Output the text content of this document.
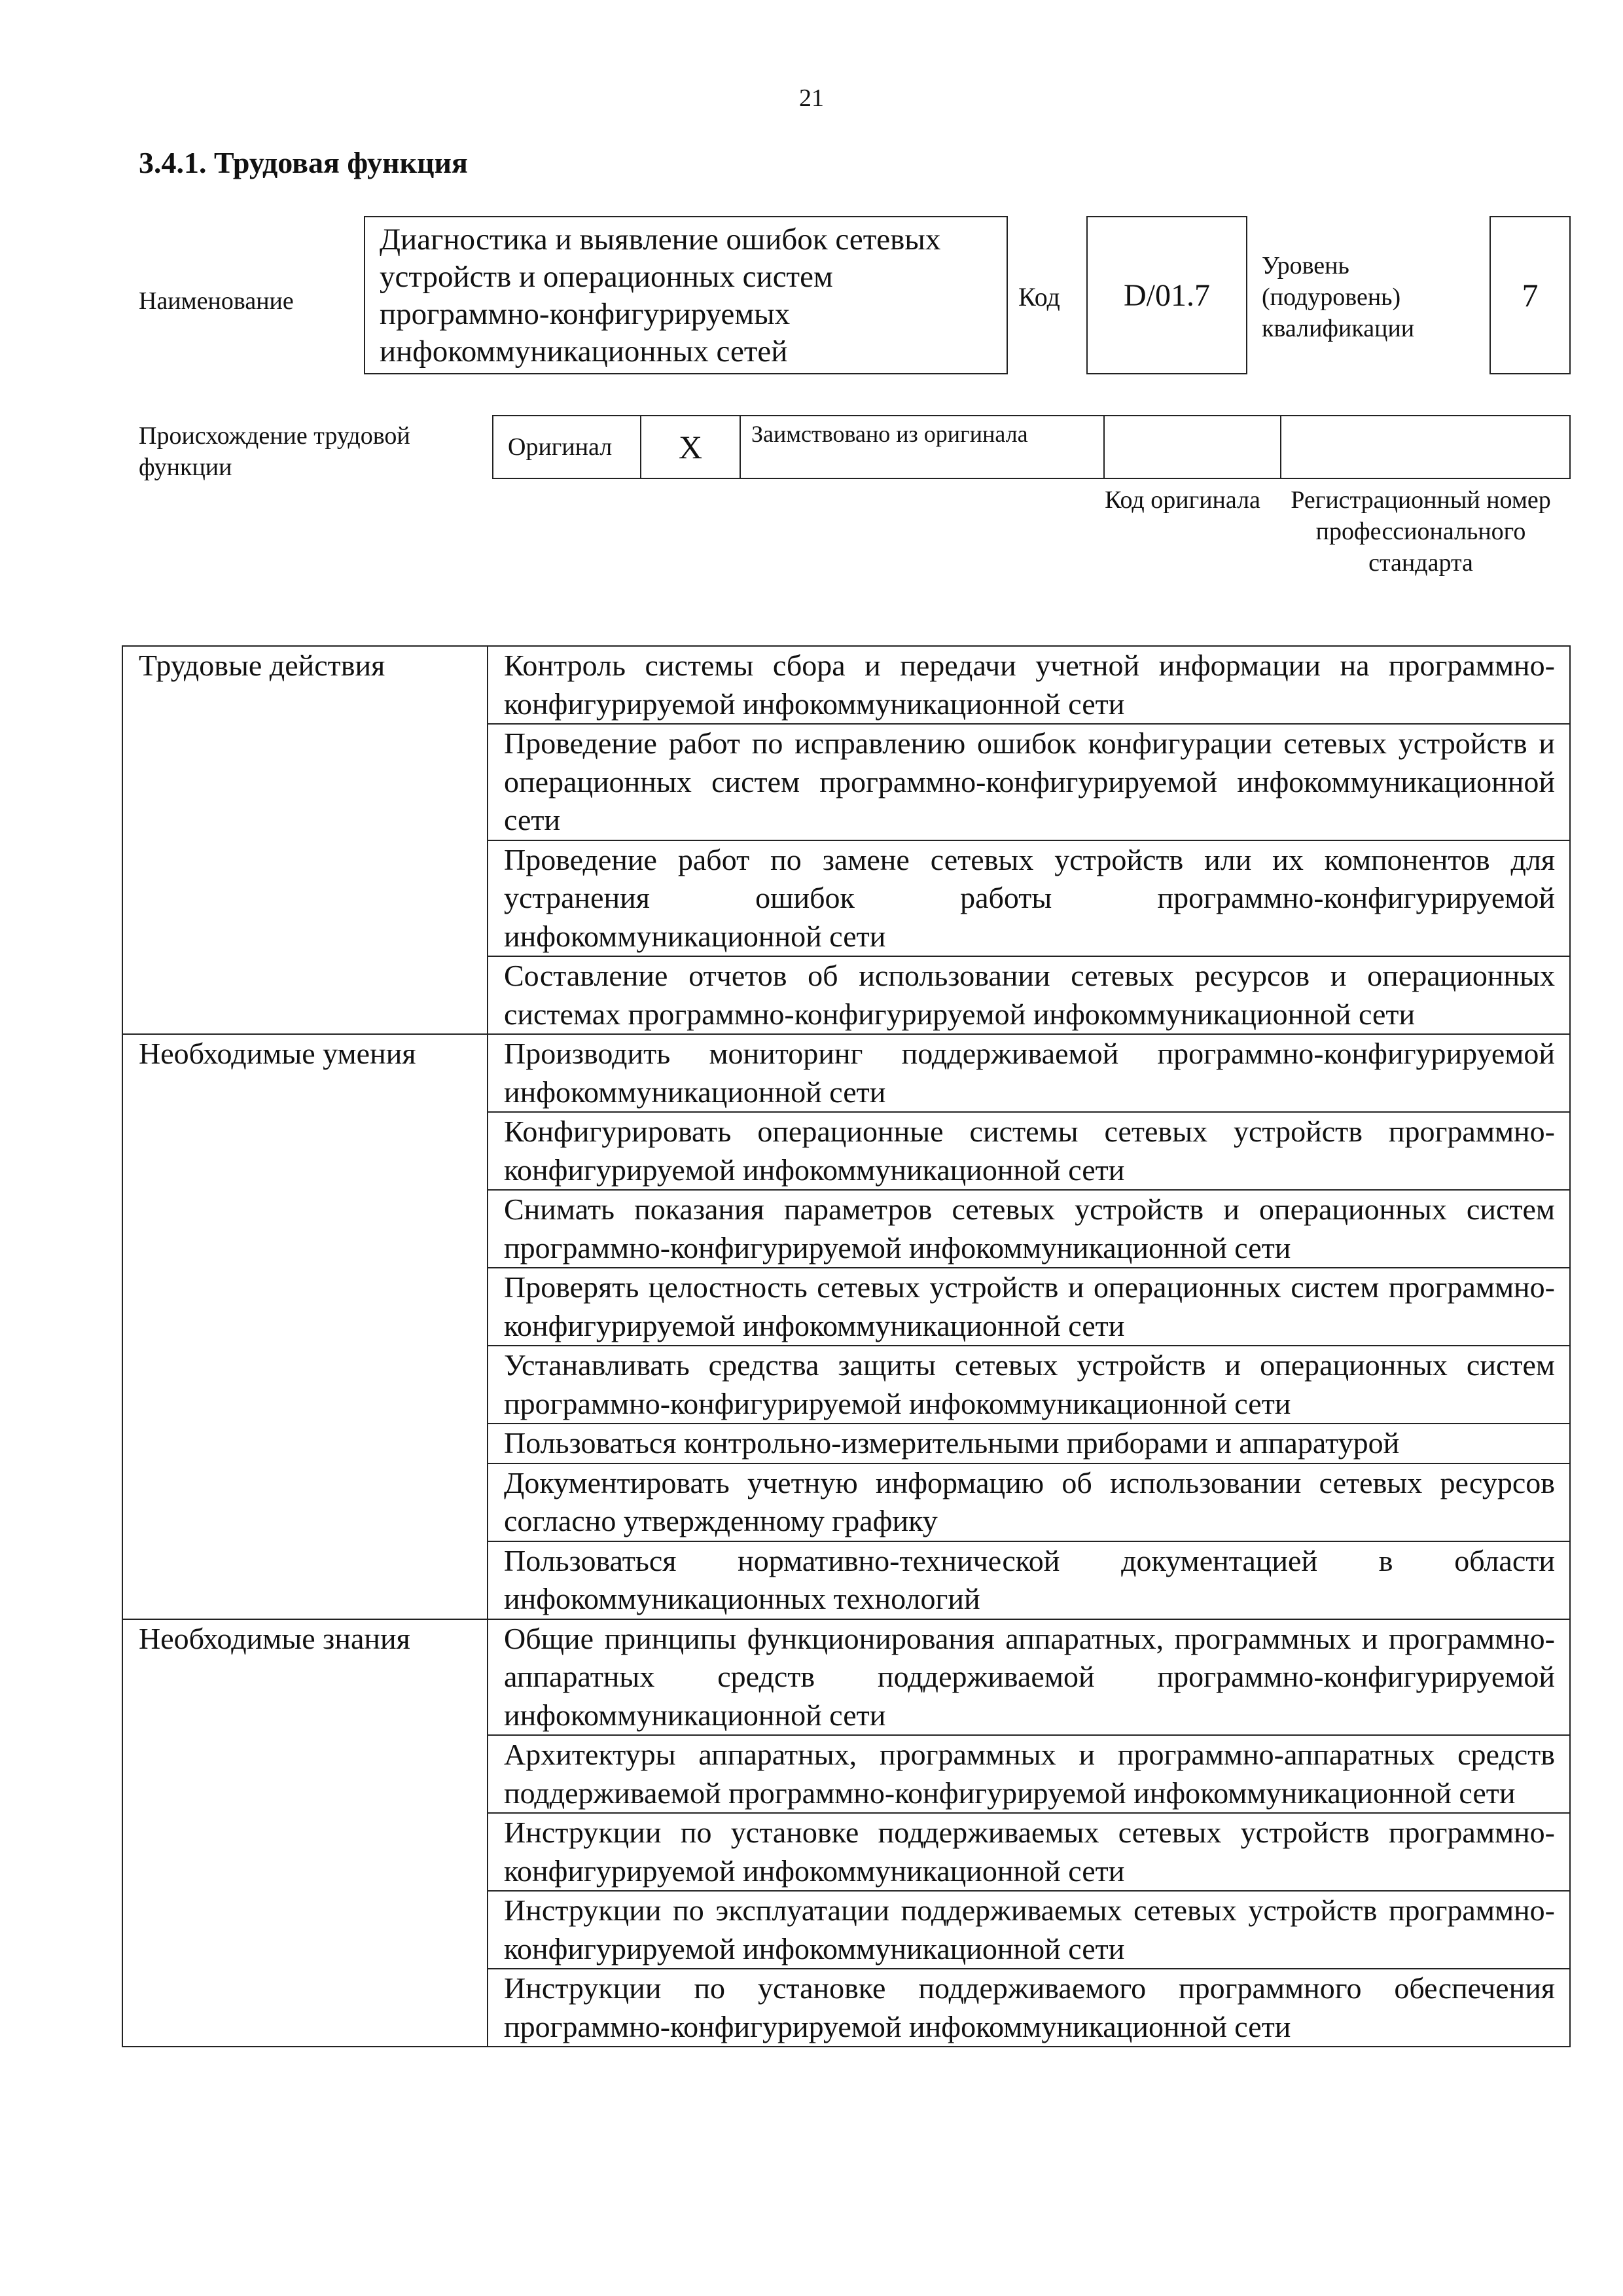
21
3.4.1. Трудовая функция
Наименование
Диагностика и выявление ошибок сетевых устройств и операционных систем программно-конфигурируемых инфокоммуникационных сетей
Код D/01.7
Уровень (подуровень) квалификации
7
Происхождение трудовой функции
Оригинал X	Заимствовано из оригинала
Код оригинала	Регистрационный номер профессионального стандарта
Трудовые действия	Контроль системы сбора и передачи учетной информации на программно-конфигурируемой инфокоммуникационной сети
	Проведение работ по исправлению ошибок конфигурации сетевых устройств и операционных систем программно-конфигурируемой инфокоммуникационной сети
	Проведение работ по замене сетевых устройств или их компонентов для устранения ошибок работы программно-конфигурируемой инфокоммуникационной сети
	Составление отчетов об использовании сетевых ресурсов и операционных системах программно-конфигурируемой инфокоммуникационной сети
Необходимые умения	Производить мониторинг поддерживаемой программно-конфигурируемой инфокоммуникационной сети
	Конфигурировать операционные системы сетевых устройств программно-конфигурируемой инфокоммуникационной сети
	Снимать показания параметров сетевых устройств и операционных систем программно-конфигурируемой инфокоммуникационной сети
	Проверять целостность сетевых устройств и операционных систем программно-конфигурируемой инфокоммуникационной сети
	Устанавливать средства защиты сетевых устройств и операционных систем программно-конфигурируемой инфокоммуникационной сети
	Пользоваться контрольно-измерительными приборами и аппаратурой
	Документировать учетную информацию об использовании сетевых ресурсов согласно утвержденному графику
	Пользоваться нормативно-технической документацией в области инфокоммуникационных технологий
Необходимые знания	Общие принципы функционирования аппаратных, программных и программно-аппаратных средств поддерживаемой программно-конфигурируемой инфокоммуникационной сети
	Архитектуры аппаратных, программных и программно-аппаратных средств поддерживаемой программно-конфигурируемой инфокоммуникационной сети
	Инструкции по установке поддерживаемых сетевых устройств программно-конфигурируемой инфокоммуникационной сети
	Инструкции по эксплуатации поддерживаемых сетевых устройств программно-конфигурируемой инфокоммуникационной сети
	Инструкции по установке поддерживаемого программного обеспечения программно-конфигурируемой инфокоммуникационной сети
